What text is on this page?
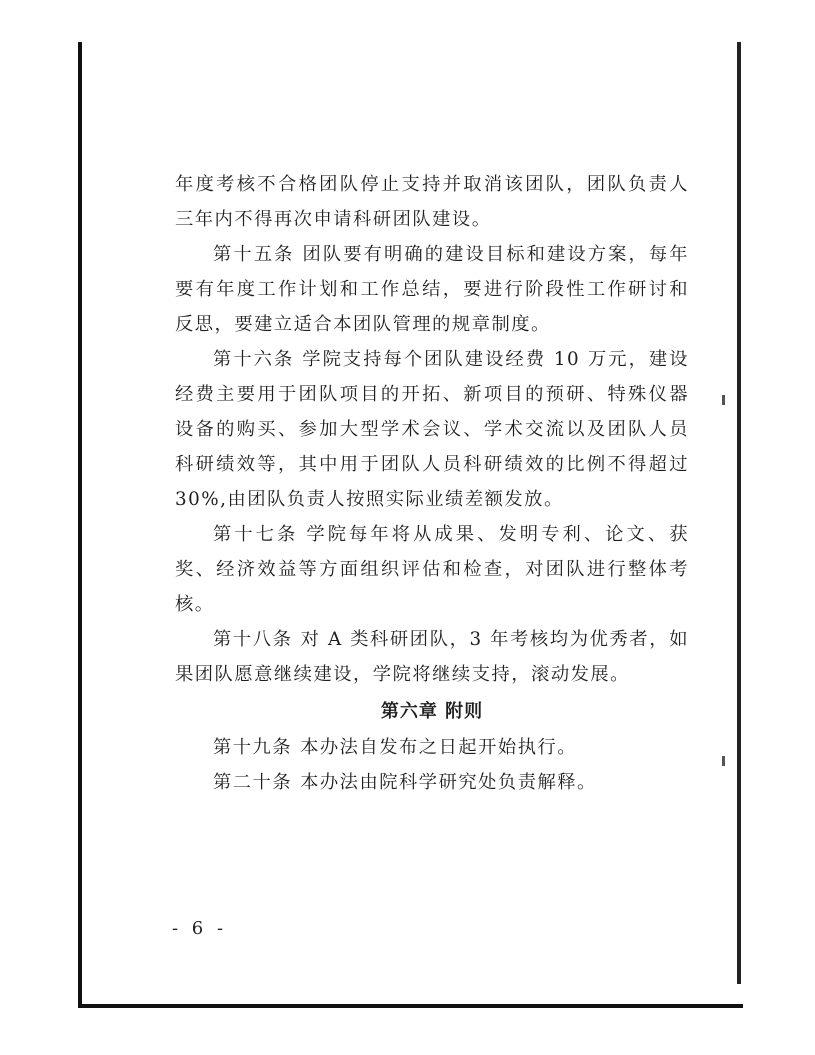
年度考核不合格团队停止支持并取消该团队，团队负责人三年内不得再次申请科研团队建设。

第十五条 团队要有明确的建设目标和建设方案，每年要有年度工作计划和工作总结，要进行阶段性工作研讨和反思，要建立适合本团队管理的规章制度。

第十六条 学院支持每个团队建设经费 10 万元，建设经费主要用于团队项目的开拓、新项目的预研、特殊仪器设备的购买、参加大型学术会议、学术交流以及团队人员科研绩效等，其中用于团队人员科研绩效的比例不得超过30%,由团队负责人按照实际业绩差额发放。

第十七条 学院每年将从成果、发明专利、论文、获奖、经济效益等方面组织评估和检查，对团队进行整体考核。

第十八条 对 A 类科研团队，3 年考核均为优秀者，如果团队愿意继续建设，学院将继续支持，滚动发展。

第六章 附则

第十九条 本办法自发布之日起开始执行。

第二十条 本办法由院科学研究处负责解释。

- 6 -
